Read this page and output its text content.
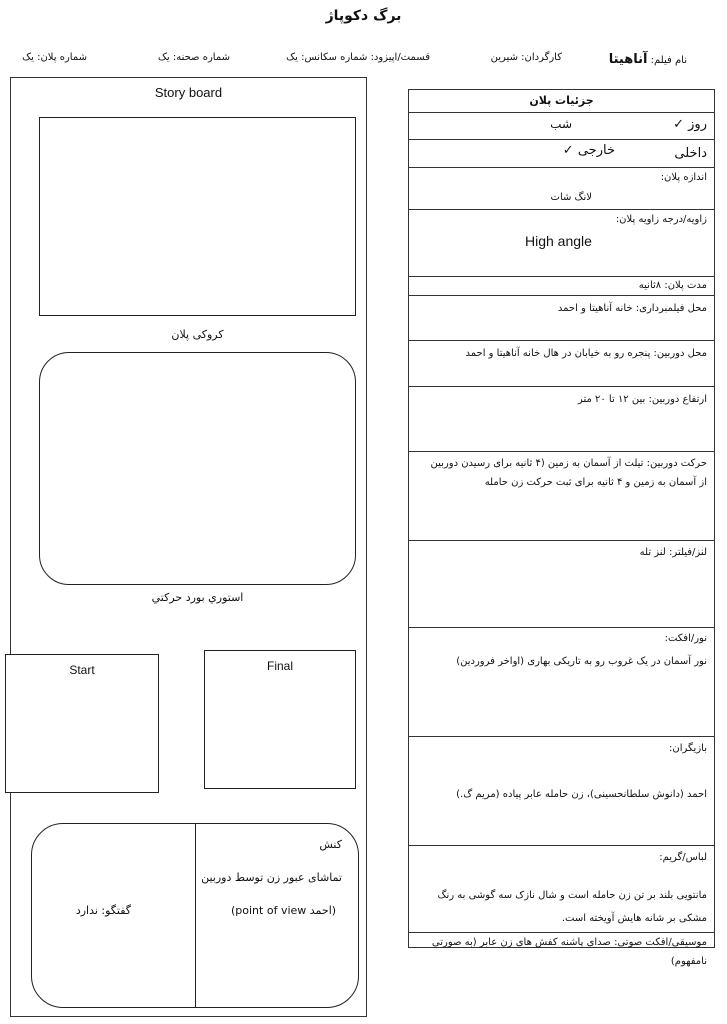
برگ دکوپاژ
نام فیلم: آناهیتا
کارگردان: شیرین
قسمت/اپیزود: شماره سکانس: یک
شماره صحنه: یک
شماره پلان: یک
Story board
کروکی پلان
استوري بورد حركتي
Start	Final
کنش
تماشای عبور زن توسط دوربین
(point of view احمد)
گفتگو: ندارد
جزئیات پلان
روز ✓
شب
داخلی
خارجی ✓
اندازه پلان:
لانگ شات
زاویه/درجه زاویه پلان:
High angle
مدت پلان: ۸ثانیه
محل فیلمبرداری: خانه آناهیتا و احمد
محل دوربین: پنجره رو به خیابان در هال خانه آناهیتا و احمد
ارتفاع دوربین: بین ۱۲ تا ۲۰ متر
حرکت دوربین: تیلت از آسمان به زمین (۴ ثانیه برای رسیدن دوربین
از آسمان به زمین و ۴ ثانیه برای ثبت حرکت زن حامله
لنز/فیلتر: لنز تله
نور/افکت:
نور آسمان در یک غروب رو به تاریکی بهاری (اواخر فروردین)
بازیگران:
احمد (دانوش سلطانحسینی)، زن حامله عابر پیاده (مریم گ.)
لباس/گریم:
مانتویی بلند بر تن زن حامله است و شال نازک سه گوشی به رنگ
مشکی بر شانه هایش آویخته است.
موسیقی/افکت صوتی: صدای پاشنه کفش های زن عابر (به صورتی
نامفهوم)
